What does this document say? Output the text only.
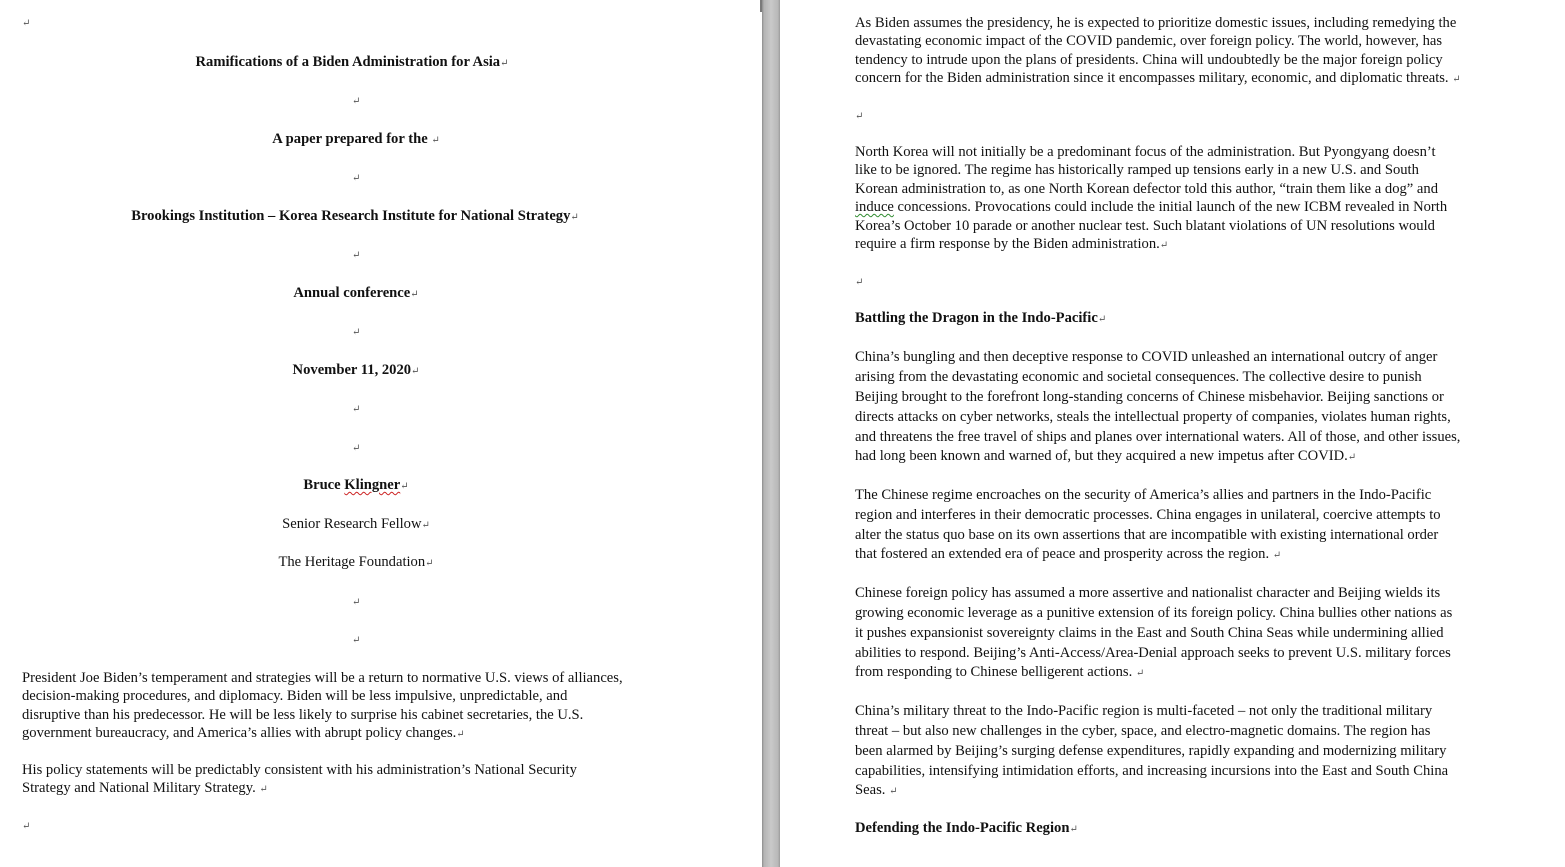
↵
Ramifications of a Biden Administration for Asia↵
↵
A paper prepared for the ↵
↵
Brookings Institution – Korea Research Institute for National Strategy↵
↵
Annual conference↵
↵
November 11, 2020↵
↵
↵
Bruce Klingner↵
Senior Research Fellow↵
The Heritage Foundation↵
↵
↵
President Joe Biden’s temperament and strategies will be a return to normative U.S. views of alliances,
decision-making procedures, and diplomacy. Biden will be less impulsive, unpredictable, and
disruptive than his predecessor. He will be less likely to surprise his cabinet secretaries, the U.S.
government bureaucracy, and America’s allies with abrupt policy changes.↵
His policy statements will be predictably consistent with his administration’s National Security
Strategy and National Military Strategy. ↵
↵
As Biden assumes the presidency, he is expected to prioritize domestic issues, including remedying the
devastating economic impact of the COVID pandemic, over foreign policy. The world, however, has
tendency to intrude upon the plans of presidents. China will undoubtedly be the major foreign policy
concern for the Biden administration since it encompasses military, economic, and diplomatic threats. ↵
↵
North Korea will not initially be a predominant focus of the administration. But Pyongyang doesn’t
like to be ignored. The regime has historically ramped up tensions early in a new U.S. and South
Korean administration to, as one North Korean defector told this author, “train them like a dog” and
induce concessions. Provocations could include the initial launch of the new ICBM revealed in North
Korea’s October 10 parade or another nuclear test. Such blatant violations of UN resolutions would
require a firm response by the Biden administration.↵
↵
Battling the Dragon in the Indo-Pacific↵
China’s bungling and then deceptive response to COVID unleashed an international outcry of anger
arising from the devastating economic and societal consequences. The collective desire to punish
Beijing brought to the forefront long-standing concerns of Chinese misbehavior. Beijing sanctions or
directs attacks on cyber networks, steals the intellectual property of companies, violates human rights,
and threatens the free travel of ships and planes over international waters. All of those, and other issues,
had long been known and warned of, but they acquired a new impetus after COVID.↵
The Chinese regime encroaches on the security of America’s allies and partners in the Indo-Pacific
region and interferes in their democratic processes. China engages in unilateral, coercive attempts to
alter the status quo base on its own assertions that are incompatible with existing international order
that fostered an extended era of peace and prosperity across the region. ↵
Chinese foreign policy has assumed a more assertive and nationalist character and Beijing wields its
growing economic leverage as a punitive extension of its foreign policy. China bullies other nations as
it pushes expansionist sovereignty claims in the East and South China Seas while undermining allied
abilities to respond. Beijing’s Anti-Access/Area-Denial approach seeks to prevent U.S. military forces
from responding to Chinese belligerent actions. ↵
China’s military threat to the Indo-Pacific region is multi-faceted – not only the traditional military
threat – but also new challenges in the cyber, space, and electro-magnetic domains. The region has
been alarmed by Beijing’s surging defense expenditures, rapidly expanding and modernizing military
capabilities, intensifying intimidation efforts, and increasing incursions into the East and South China
Seas. ↵
Defending the Indo-Pacific Region↵
